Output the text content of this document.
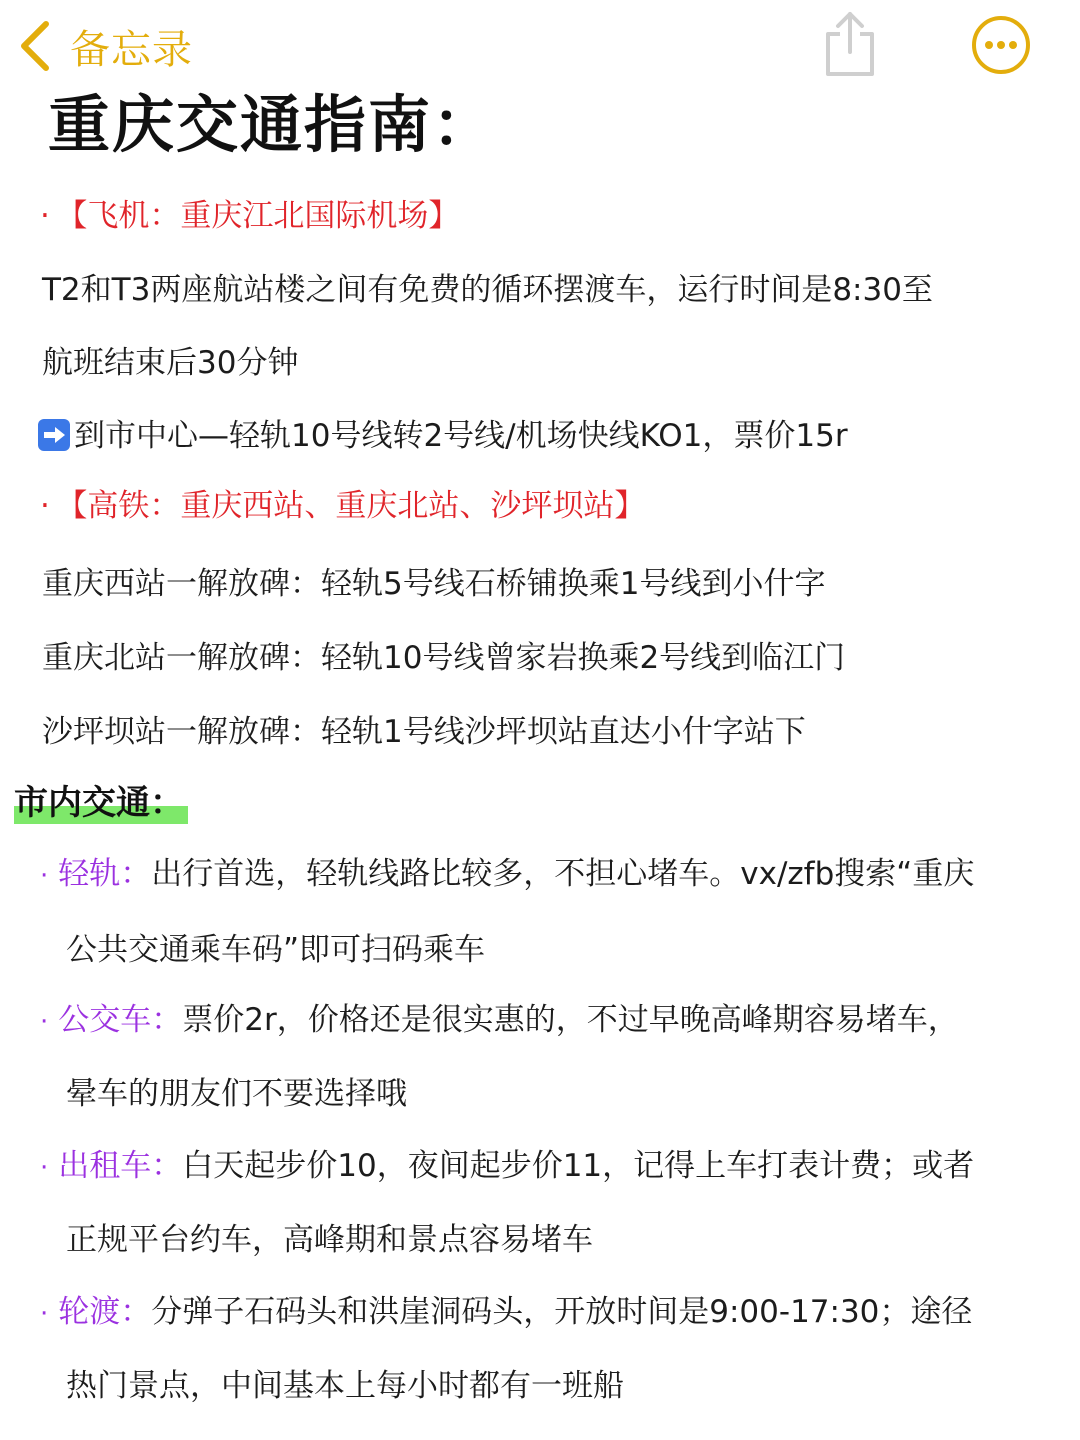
备忘录
重庆交通指南：
· 【飞机：重庆江北国际机场】
T2和T3两座航站楼之间有免费的循环摆渡车，运行时间是8:30至
航班结束后30分钟
到市中心—轻轨10号线转2号线/机场快线KO1，票价15r
· 【高铁：重庆西站、重庆北站、沙坪坝站】
重庆西站一解放碑：轻轨5号线石桥铺换乘1号线到小什字
重庆北站一解放碑：轻轨10号线曾家岩换乘2号线到临江门
沙坪坝站一解放碑：轻轨1号线沙坪坝站直达小什字站下
市内交通：
· 轻轨：出行首选，轻轨线路比较多，不担心堵车。vx/zfb搜索“重庆
公共交通乘车码”即可扫码乘车
· 公交车：票价2r，价格还是很实惠的，不过早晚高峰期容易堵车，
晕车的朋友们不要选择哦
· 出租车：白天起步价10，夜间起步价11，记得上车打表计费；或者
正规平台约车，高峰期和景点容易堵车
· 轮渡：分弹子石码头和洪崖洞码头，开放时间是9:00-17:30；途径
热门景点，中间基本上每小时都有一班船
